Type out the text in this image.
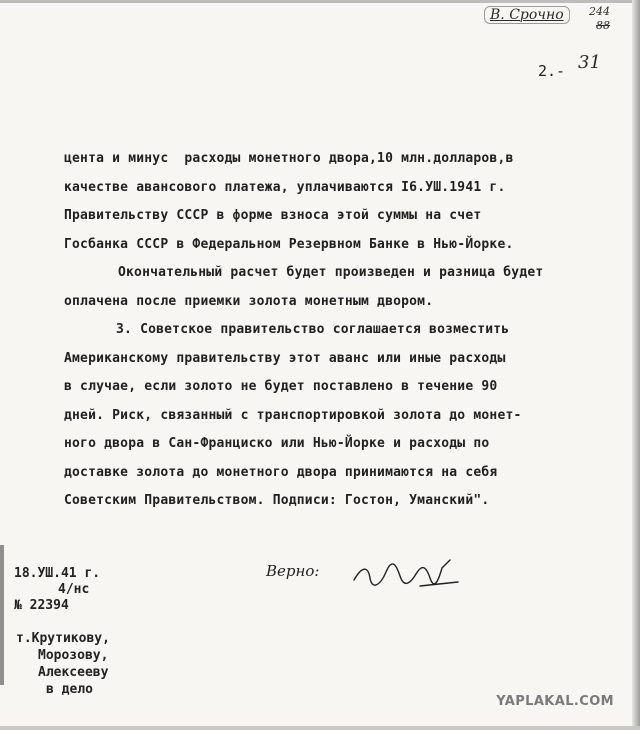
В. Срочно	244
88
2.- 31
цента и минус  расходы монетного двора,10 млн.долларов,в
качестве авансового платежа, уплачиваются I6.УШ.1941 г.
Правительству СССР в форме взноса этой суммы на счет
Госбанка СССР в Федеральном Резервном Банке в Нью-Йорке.
Окончательный расчет будет произведен и разница будет
оплачена после приемки золота монетным двором.
3. Советское правительство соглашается возместить
Американскому правительству этот аванс или иные расходы
в случае, если золото не будет поставлено в течение 90
дней. Риск, связанный с транспортировкой золота до монет-
ного двора в Сан-Франциско или Нью-Йорке и расходы по
доставке золота до монетного двора принимаются на себя
Советским Правительством. Подписи: Гостон, Уманский".
Верно:
18.УШ.41 г.
4/нс
№ 22394
т.Крутикову,
Морозову,
Алексееву
в дело
YAPLAKAL.COM
